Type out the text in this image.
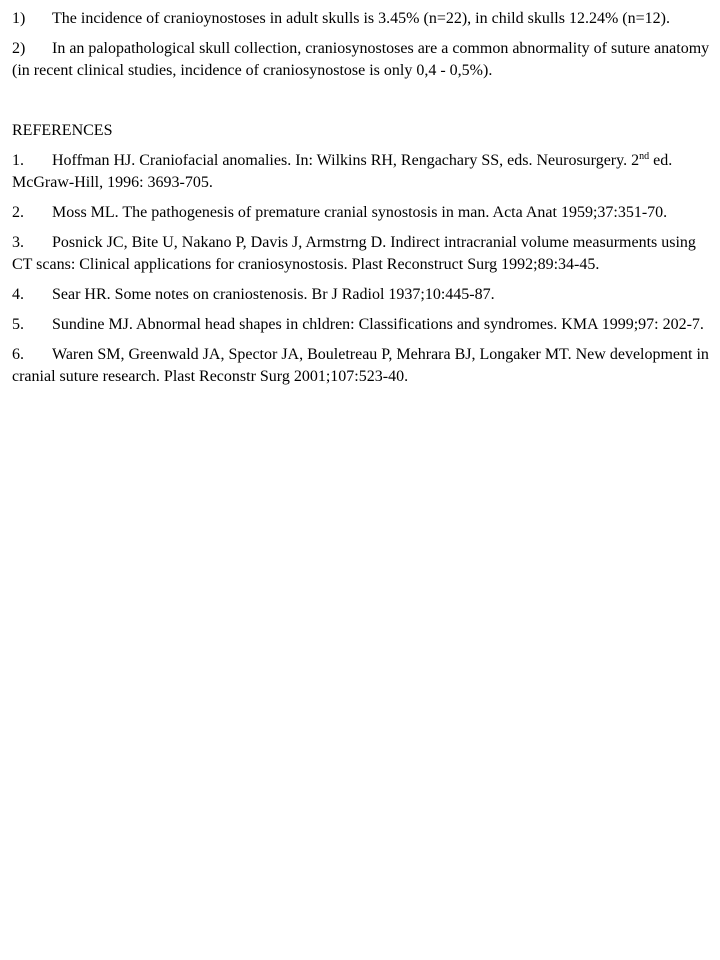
1) The incidence of cranioynostoses in adult skulls is 3.45% (n=22), in child skulls 12.24% (n=12).

2) In an palopathological skull collection, craniosynostoses are a common abnormality of suture anatomy (in recent clinical studies, incidence of craniosynostose is only 0,4 - 0,5%).

REFERENCES

1. Hoffman HJ. Craniofacial anomalies. In: Wilkins RH, Rengachary SS, eds. Neurosurgery. 2nd ed. McGraw-Hill, 1996: 3693-705.

2. Moss ML. The pathogenesis of premature cranial synostosis in man. Acta Anat 1959;37:351-70.

3. Posnick JC, Bite U, Nakano P, Davis J, Armstrng D. Indirect intracranial volume measurments using CT scans: Clinical applications for craniosynostosis. Plast Reconstruct Surg 1992;89:34-45.

4. Sear HR. Some notes on craniostenosis. Br J Radiol 1937;10:445-87.

5. Sundine MJ. Abnormal head shapes in chldren: Classifications and syndromes. KMA 1999;97: 202-7.

6. Waren SM, Greenwald JA, Spector JA, Bouletreau P, Mehrara BJ, Longaker MT. New development in cranial suture research. Plast Reconstr Surg 2001;107:523-40.
